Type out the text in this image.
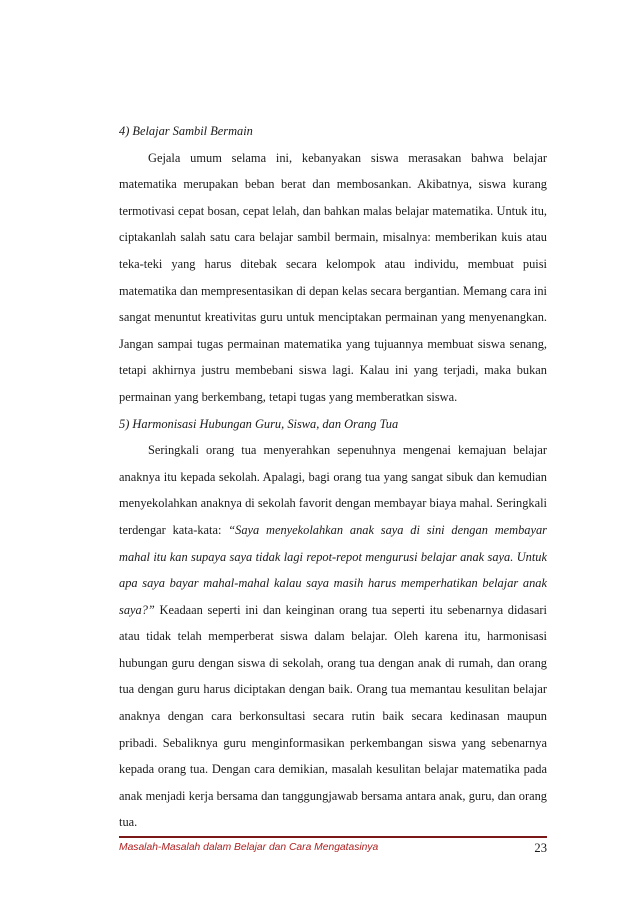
4) Belajar Sambil Bermain

Gejala umum selama ini, kebanyakan siswa merasakan bahwa belajar matematika merupakan beban berat dan membosankan. Akibatnya, siswa kurang termotivasi cepat bosan, cepat lelah, dan bahkan malas belajar matematika. Untuk itu, ciptakanlah salah satu cara belajar sambil bermain, misalnya: memberikan kuis atau teka-teki yang harus ditebak secara kelompok atau individu, membuat puisi matematika dan mempresentasikan di depan kelas secara bergantian. Memang cara ini sangat menuntut kreativitas guru untuk menciptakan permainan yang menyenangkan. Jangan sampai tugas permainan matematika yang tujuannya membuat siswa senang, tetapi akhirnya justru membebani siswa lagi. Kalau ini yang terjadi, maka bukan permainan yang berkembang, tetapi tugas yang memberatkan siswa.

5) Harmonisasi Hubungan Guru, Siswa, dan Orang Tua

Seringkali orang tua menyerahkan sepenuhnya mengenai kemajuan belajar anaknya itu kepada sekolah. Apalagi, bagi orang tua yang sangat sibuk dan kemudian menyekolahkan anaknya di sekolah favorit dengan membayar biaya mahal. Seringkali terdengar kata-kata: “Saya menyekolahkan anak saya di sini dengan membayar mahal itu kan supaya saya tidak lagi repot-repot mengurusi belajar anak saya. Untuk apa saya bayar mahal-mahal kalau saya masih harus memperhatikan belajar anak saya?” Keadaan seperti ini dan keinginan orang tua seperti itu sebenarnya didasari atau tidak telah memperberat siswa dalam belajar. Oleh karena itu, harmonisasi hubungan guru dengan siswa di sekolah, orang tua dengan anak di rumah, dan orang tua dengan guru harus diciptakan dengan baik. Orang tua memantau kesulitan belajar anaknya dengan cara berkonsultasi secara rutin baik secara kedinasan maupun pribadi. Sebaliknya guru menginformasikan perkembangan siswa yang sebenarnya kepada orang tua. Dengan cara demikian, masalah kesulitan belajar matematika pada anak menjadi kerja bersama dan tanggungjawab bersama antara anak, guru, dan orang tua.

Masalah-Masalah dalam Belajar dan Cara Mengatasinya	23
